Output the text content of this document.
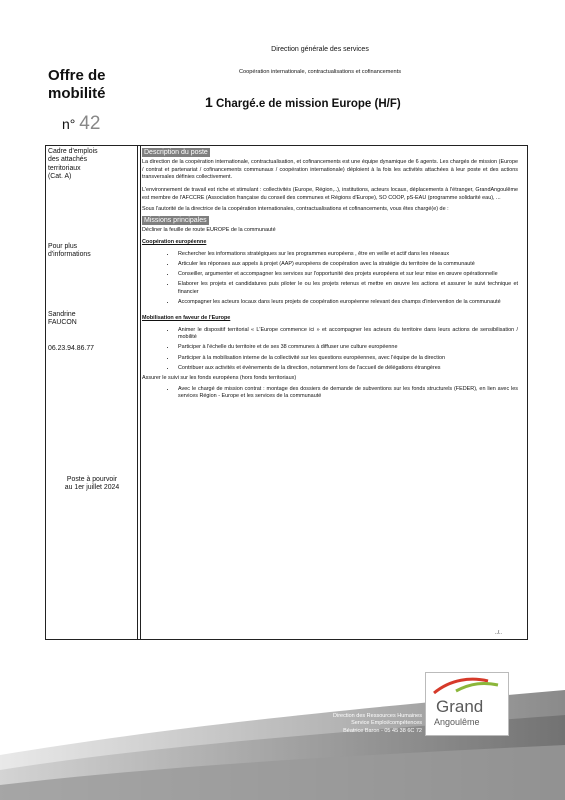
Direction générale des services
Coopération internationale, contractualisations et cofinancements
Offre de
mobilité
n° 42
1 Chargé.e de mission Europe (H/F)
Cadre d'emplois
des attachés
territoriaux
(Cat. A)
Pour plus
d'informations
Sandrine
FAUCON
06.23.94.86.77
Poste à pourvoir
au 1er juillet 2024
Description du poste

La direction de la coopération internationale, contractualisation, et cofinancements est une équipe dynamique de 6 agents. Les chargés de mission (Europe / contrat et partenariat / cofinancements communaux / coopération internationale) déploient à la fois les activités attachées à leur poste et des actions transversales définies collectivement.

L'environnement de travail est riche et stimulant : collectivités (Europe, Région,..), institutions, acteurs locaux, déplacements à l'étranger, GrandAngoulême est membre de l'AFCCRE (Association française du conseil des communes et Régions d'Europe), SO COOP, pS-EAU (programme solidarité eau), ...

Sous l'autorité de la directrice de la coopération internationales, contractualisations et cofinancements, vous êtes chargé(e) de :

Missions principales
Décliner la feuille de route EUROPE de la communauté
Coopération européenne
• Rechercher les informations stratégiques sur les programmes européens , être en veille et actif dans les réseaux
• Articuler les réponses aux appels à projet (AAP) européens de coopération avec la stratégie du territoire de la communauté
• Conseiller, argumenter et accompagner les services sur l'opportunité des projets européens et sur leur mise en œuvre opérationnelle
• Elaborer les projets et candidatures puis piloter le ou les projets retenus et mettre en œuvre les actions et assurer le suivi technique et financier
• Accompagner les acteurs locaux dans leurs projets de coopération européenne relevant des champs d'intervention de la communauté
Mobilisation en faveur de l'Europe
• Animer le dispositif territorial « L'Europe commence ici » et accompagner les acteurs du territoire dans leurs actions de sensibilisation / mobilité
• Participer à l'échelle du territoire et de ses 38 communes à diffuser une culture européenne
• Participer à la mobilisation interne de la collectivité sur les questions européennes, avec l'équipe de la direction
• Contribuer aux activités et évènements de la direction, notamment lors de l'accueil de délégations étrangères
Assurer le suivi sur les fonds européens (hors fonds territoriaux)
• Avec le chargé de mission contrat : montage des dossiers de demande de subventions sur les fonds structurels (FEDER), en lien avec les services Région - Europe et les services de la communauté
../..
Direction des Ressources Humaines
Service Emploi/compétences
Béatrice Baron - 05 45 38 6C 72
Grand
Angoulême
